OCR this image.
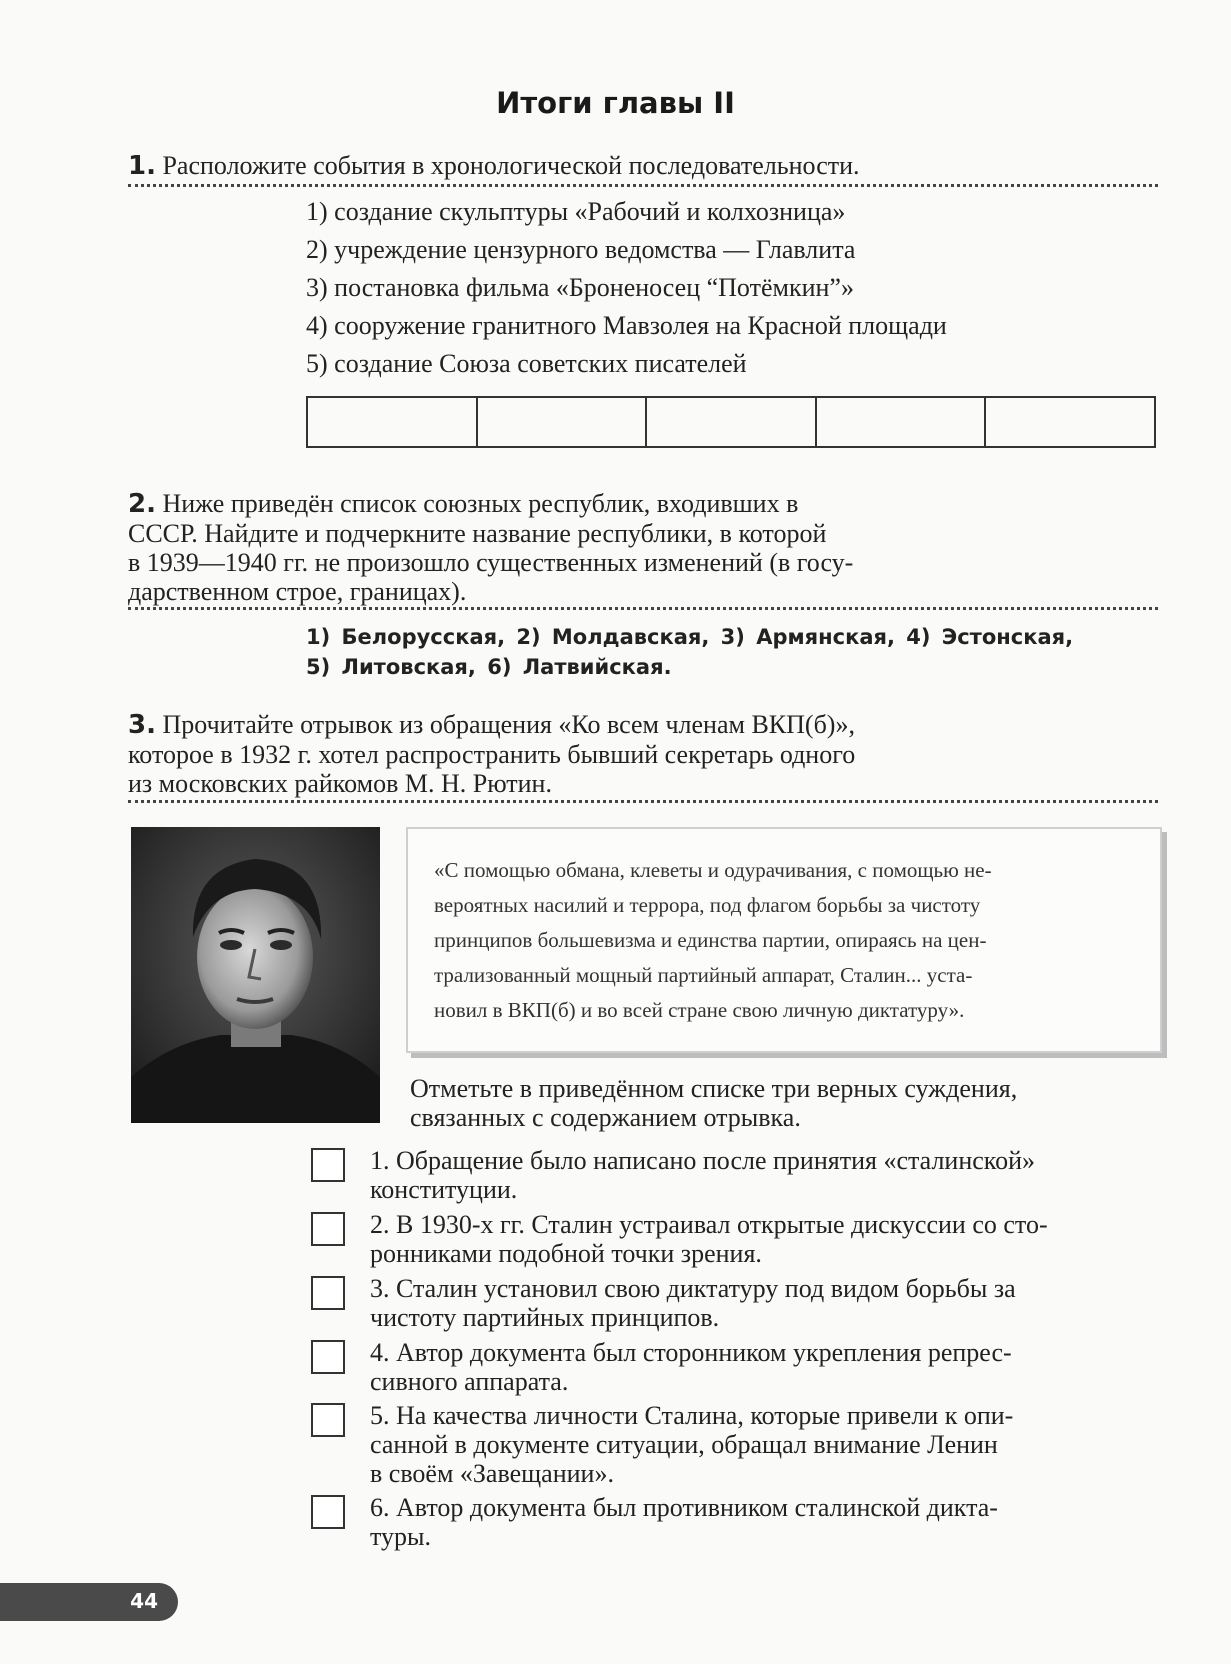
Итоги главы II
1. Расположите события в хронологической последовательности.
1) создание скульптуры «Рабочий и колхозница»
2) учреждение цензурного ведомства — Главлита
3) постановка фильма «Броненосец “Потёмкин”»
4) сооружение гранитного Мавзолея на Красной площади
5) создание Союза советских писателей

2. Ниже приведён список союзных республик, входивших в
СССР. Найдите и подчеркните название республики, в которой
в 1939—1940 гг. не произошло существенных изменений (в госу-
дарственном строе, границах).
1) Белорусская, 2) Молдавская, 3) Армянская, 4) Эстонская,
5) Литовская, 6) Латвийская.
3. Прочитайте отрывок из обращения «Ко всем членам ВКП(б)»,
которое в 1932 г. хотел распространить бывший секретарь одного
из московских райкомов М. Н. Рютин.
«С помощью обмана, клеветы и одурачивания, с помощью не-
вероятных насилий и террора, под флагом борьбы за чистоту
принципов большевизма и единства партии, опираясь на цен-
трализованный мощный партийный аппарат, Сталин... уста-
новил в ВКП(б) и во всей стране свою личную диктатуру».
Отметьте в приведённом списке три верных суждения,
связанных с содержанием отрывка.
1. Обращение было написано после принятия «сталинской»
конституции.
2. В 1930-х гг. Сталин устраивал открытые дискуссии со сто-
ронниками подобной точки зрения.
3. Сталин установил свою диктатуру под видом борьбы за
чистоту партийных принципов.
4. Автор документа был сторонником укрепления репрес-
сивного аппарата.
5. На качества личности Сталина, которые привели к опи-
санной в документе ситуации, обращал внимание Ленин
в своём «Завещании».
6. Автор документа был противником сталинской дикта-
туры.
44
